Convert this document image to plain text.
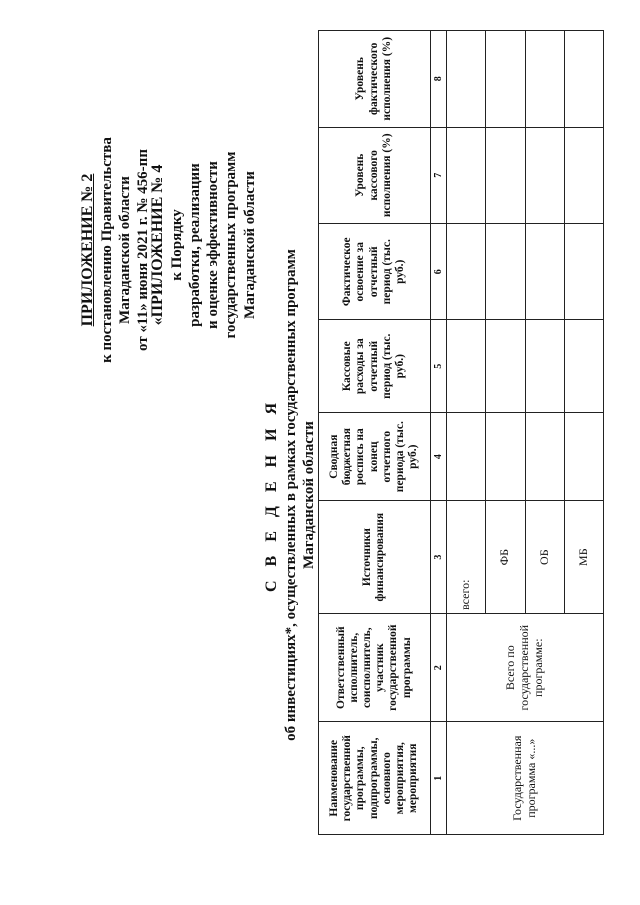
ПРИЛОЖЕНИЕ № 2 к постановлению Правительства Магаданской области от «11» июня 2021 г. № 456-пп
«ПРИЛОЖЕНИЕ № 4 к Порядку разработки, реализации и оценке эффективности государственных программ Магаданской области
С В Е Д Е Н И Я об инвестициях*, осуществленных в рамках государственных программ Магаданской области
Наименование государственной программы, подпрограммы, основного мероприятия, мероприятия	Ответственный исполнитель, соисполнитель, участник государственной программы	Источники финансирования	Сводная бюджетная роспись на конец отчетного периода (тыс. руб.)	Кассовые расходы за отчетный период (тыс. руб.)	Фактическое освоение за отчетный период (тыс. руб.)	Уровень кассового исполнения (%)	Уровень фактического исполнения (%)
1	2	3	4	5	6	7	8
Государственная программа «...»	Всего по государственной программе:	всего:					
		ФБ					
		ОБ					
		МБ					
